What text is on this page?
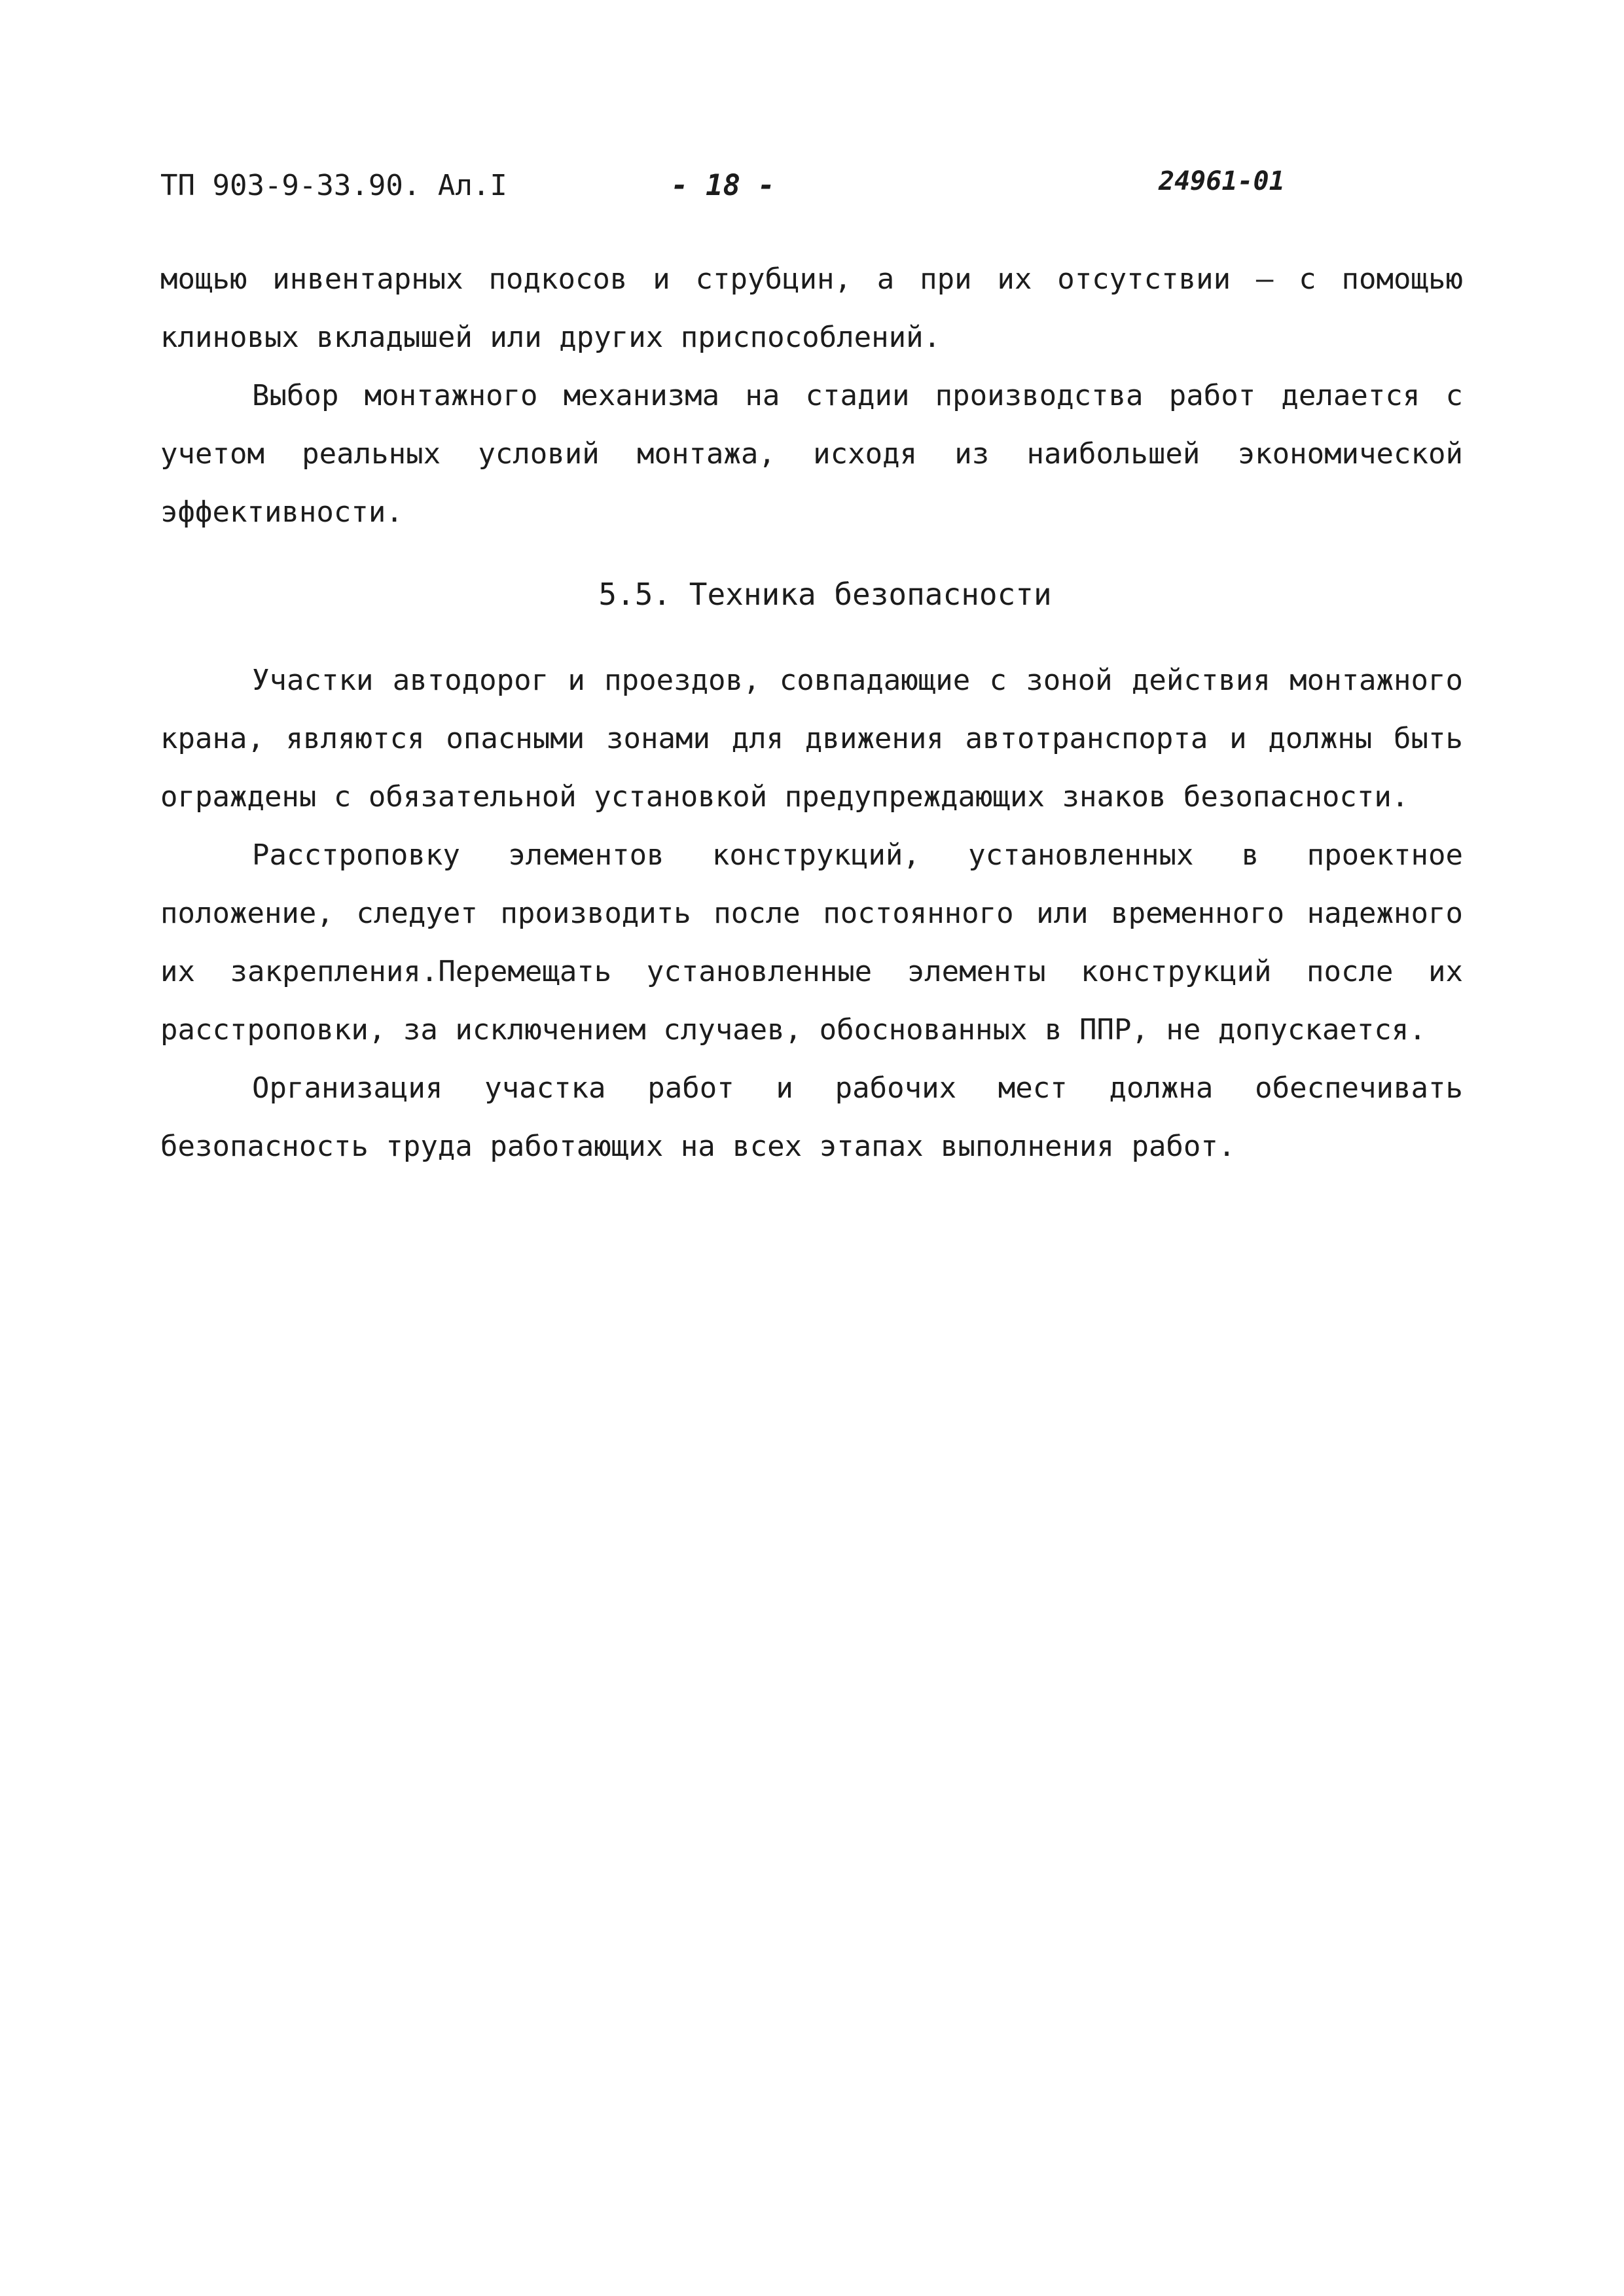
ТП 903-9-33.90. Ал.I	- 18 -	24961-01

мощью инвентарных подкосов и струбцин, а при их отсутствии – с помощью клиновых вкладышей или других приспособлений.

Выбор монтажного механизма на стадии производства работ делается с учетом реальных условий монтажа, исходя из наибольшей экономической эффективности.

5.5. Техника безопасности

Участки автодорог и проездов, совпадающие с зоной действия монтажного крана, являются опасными зонами для движения автотранспорта и должны быть ограждены с обязательной установкой предупреждающих знаков безопасности.

Расстроповку элементов конструкций, установленных в проектное положение, следует производить после постоянного или временного надежного их закрепления.Перемещать установленные элементы конструкций после их расстроповки, за исключением случаев, обоснованных в ППР, не допускается.

Организация участка работ и рабочих мест должна обеспечивать безопасность труда работающих на всех этапах выполнения работ.
